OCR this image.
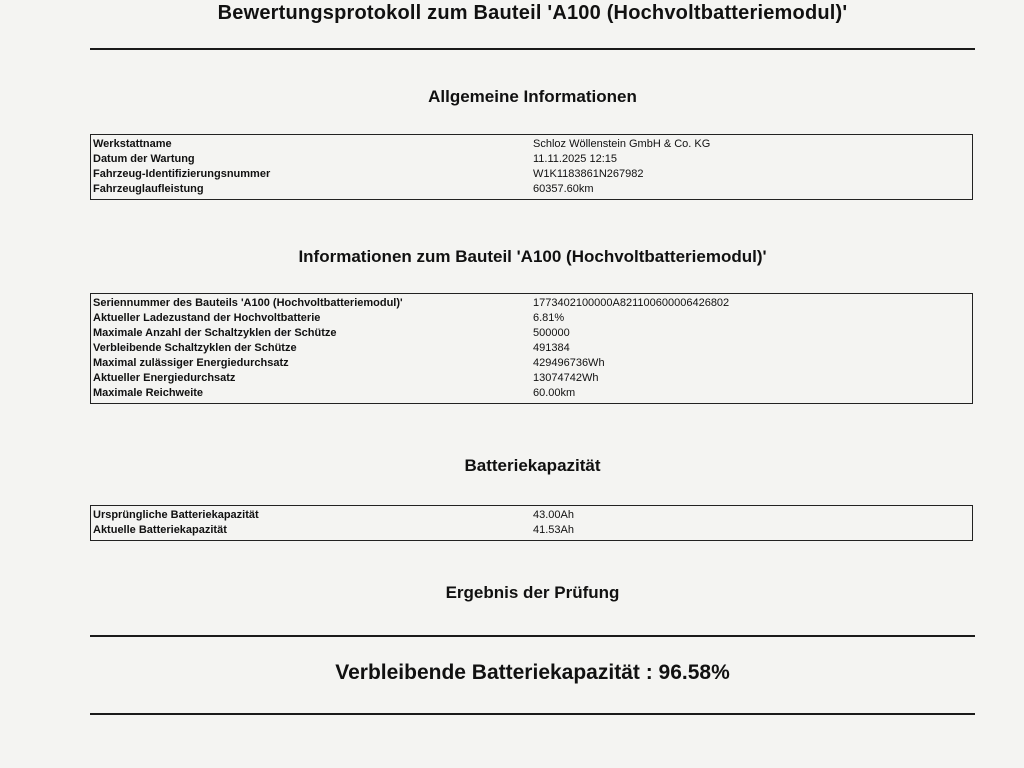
Bewertungsprotokoll zum Bauteil 'A100 (Hochvoltbatteriemodul)'
Allgemeine Informationen
Werkstattname	Schloz Wöllenstein GmbH & Co. KG
Datum der Wartung	11.11.2025 12:15
Fahrzeug-Identifizierungsnummer	W1K1183861N267982
Fahrzeuglaufleistung	60357.60km
Informationen zum Bauteil 'A100 (Hochvoltbatteriemodul)'
Seriennummer des Bauteils 'A100 (Hochvoltbatteriemodul)'	1773402100000A821100600006426802
Aktueller Ladezustand der Hochvoltbatterie	6.81%
Maximale Anzahl der Schaltzyklen der Schütze	500000
Verbleibende Schaltzyklen der Schütze	491384
Maximal zulässiger Energiedurchsatz	429496736Wh
Aktueller Energiedurchsatz	13074742Wh
Maximale Reichweite	60.00km
Batteriekapazität
Ursprüngliche Batteriekapazität	43.00Ah
Aktuelle Batteriekapazität	41.53Ah
Ergebnis der Prüfung
Verbleibende Batteriekapazität : 96.58%
